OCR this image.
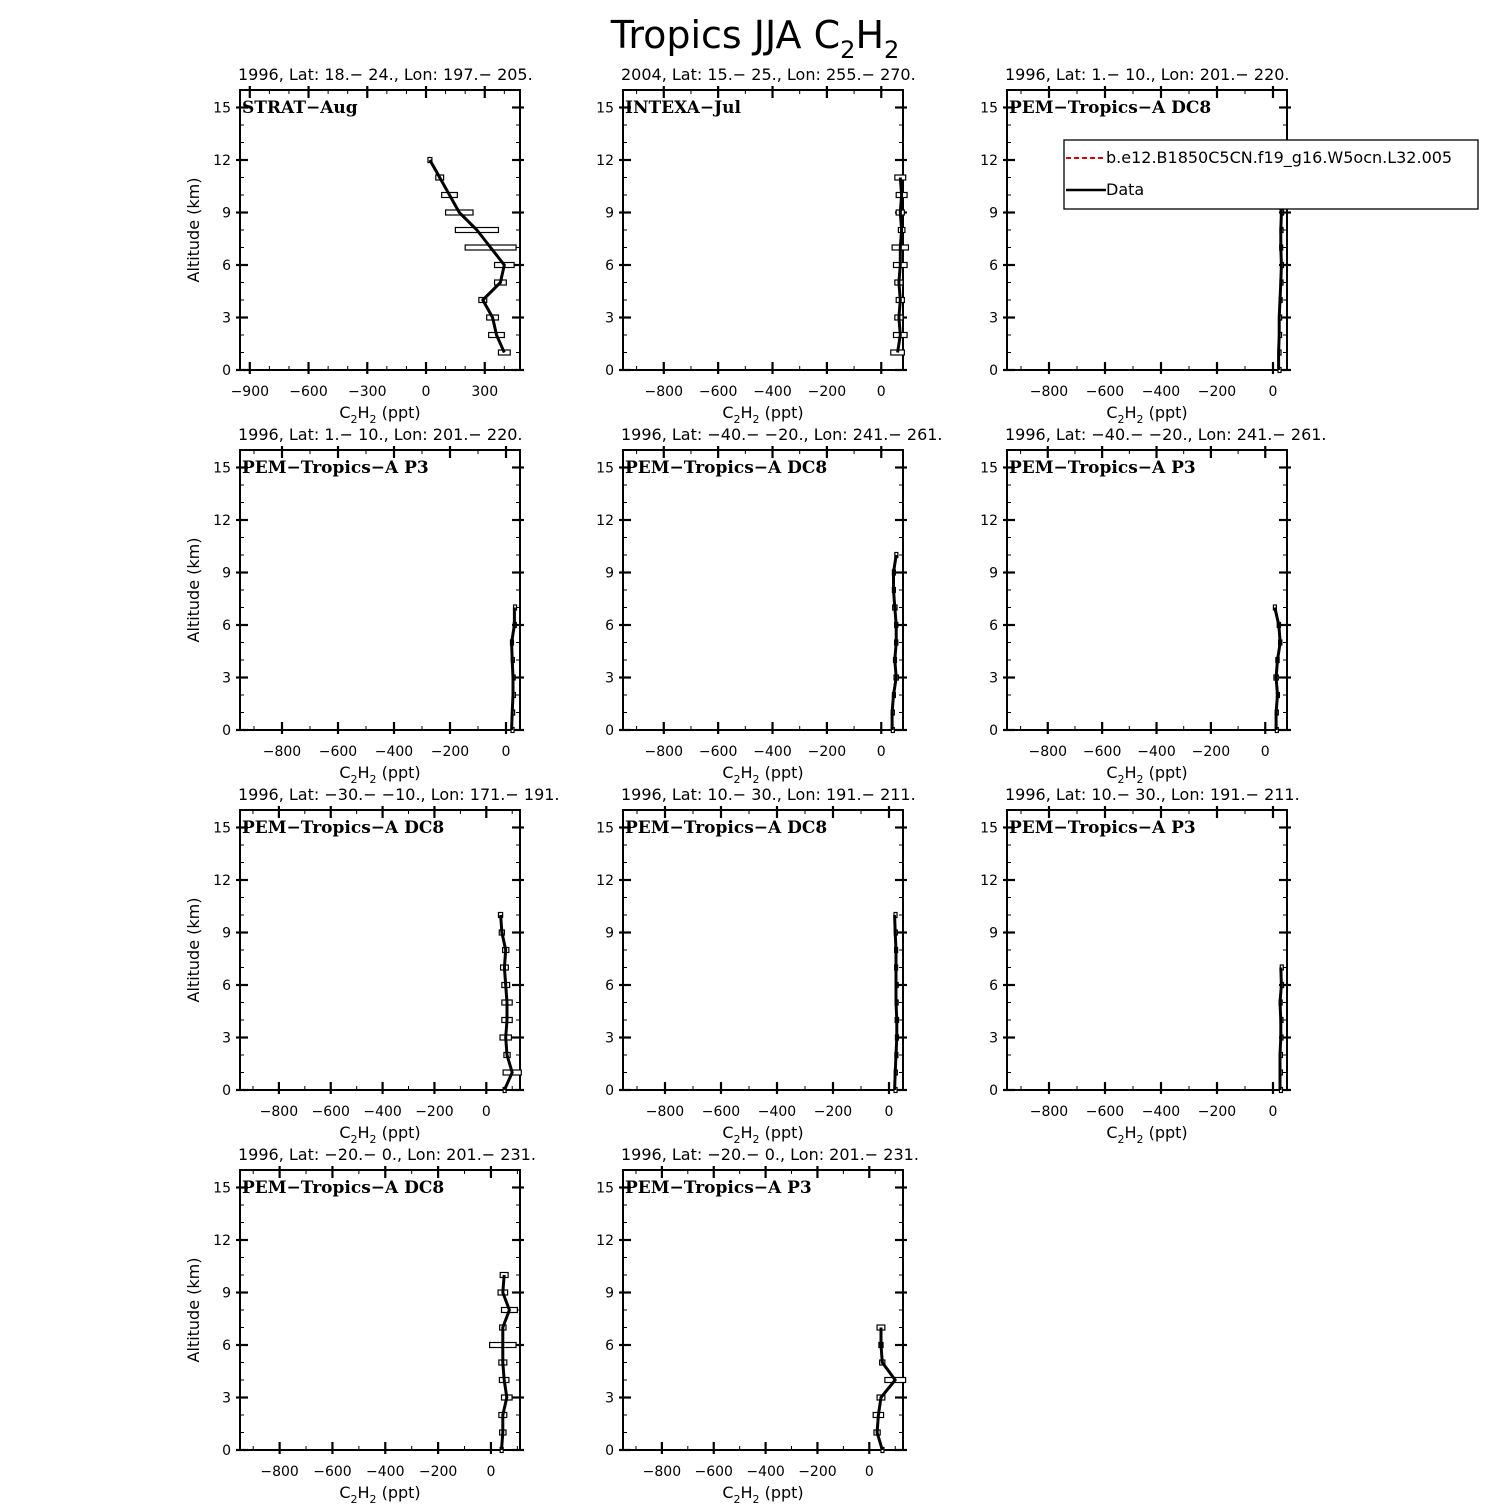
Tropics JJA $C_2H_2$
0
3
6
9
12
15
−900 −600 −300	0	300
1996, Lat: 18.− 24., Lon: 197.− 205.
STRAT−Aug
$C_2H_2$ (ppt)
Altitude (km)
0
3
6
9
12
15
−800 −600 −400 −200 0
2004, Lat: 15.− 25., Lon: 255.− 270.
INTEXA−Jul
$C_2H_2$ (ppt)
0
3
6
9
12
15
−800 −600 −400 −200 0
1996, Lat: 1.− 10., Lon: 201.− 220.
PEM−Tropics−A DC8
$C_2H_2$ (ppt)
0
3
6
9
12
15
−800 −600 −400 −200 0
1996, Lat: 1.− 10., Lon: 201.− 220.
PEM−Tropics−A P3
$C_2H_2$ (ppt)
Altitude (km)
0
3
6
9
12
15
−800 −600 −400 −200 0
1996, Lat: −40.− −20., Lon: 241.− 261.
PEM−Tropics−A DC8
$C_2H_2$ (ppt)
0
3
6
9
12
15
−800 −600 −400 −200 0
1996, Lat: −40.− −20., Lon: 241.− 261.
PEM−Tropics−A P3
$C_2H_2$ (ppt)
0
3
6
9
12
15
−800 −600 −400 −200 0
1996, Lat: −30.− −10., Lon: 171.− 191.
PEM−Tropics−A DC8
$C_2H_2$ (ppt)
Altitude (km)
0
3
6
9
12
15
−800 −600 −400 −200 0
1996, Lat: 10.− 30., Lon: 191.− 211.
PEM−Tropics−A DC8
$C_2H_2$ (ppt)
0
3
6
9
12
15
−800 −600 −400 −200 0
1996, Lat: 10.− 30., Lon: 191.− 211.
PEM−Tropics−A P3
$C_2H_2$ (ppt)
0
3
6
9
12
15
−800 −600 −400 −200 0
1996, Lat: −20.− 0., Lon: 201.− 231.
PEM−Tropics−A DC8
$C_2H_2$ (ppt)
Altitude (km)
0
3
6
9
12
15
−800 −600 −400 −200 0
1996, Lat: −20.− 0., Lon: 201.− 231.
PEM−Tropics−A P3
$C_2H_2$ (ppt)
b.e12.B1850C5CN.f19_g16.W5ocn.L32.005
Data
